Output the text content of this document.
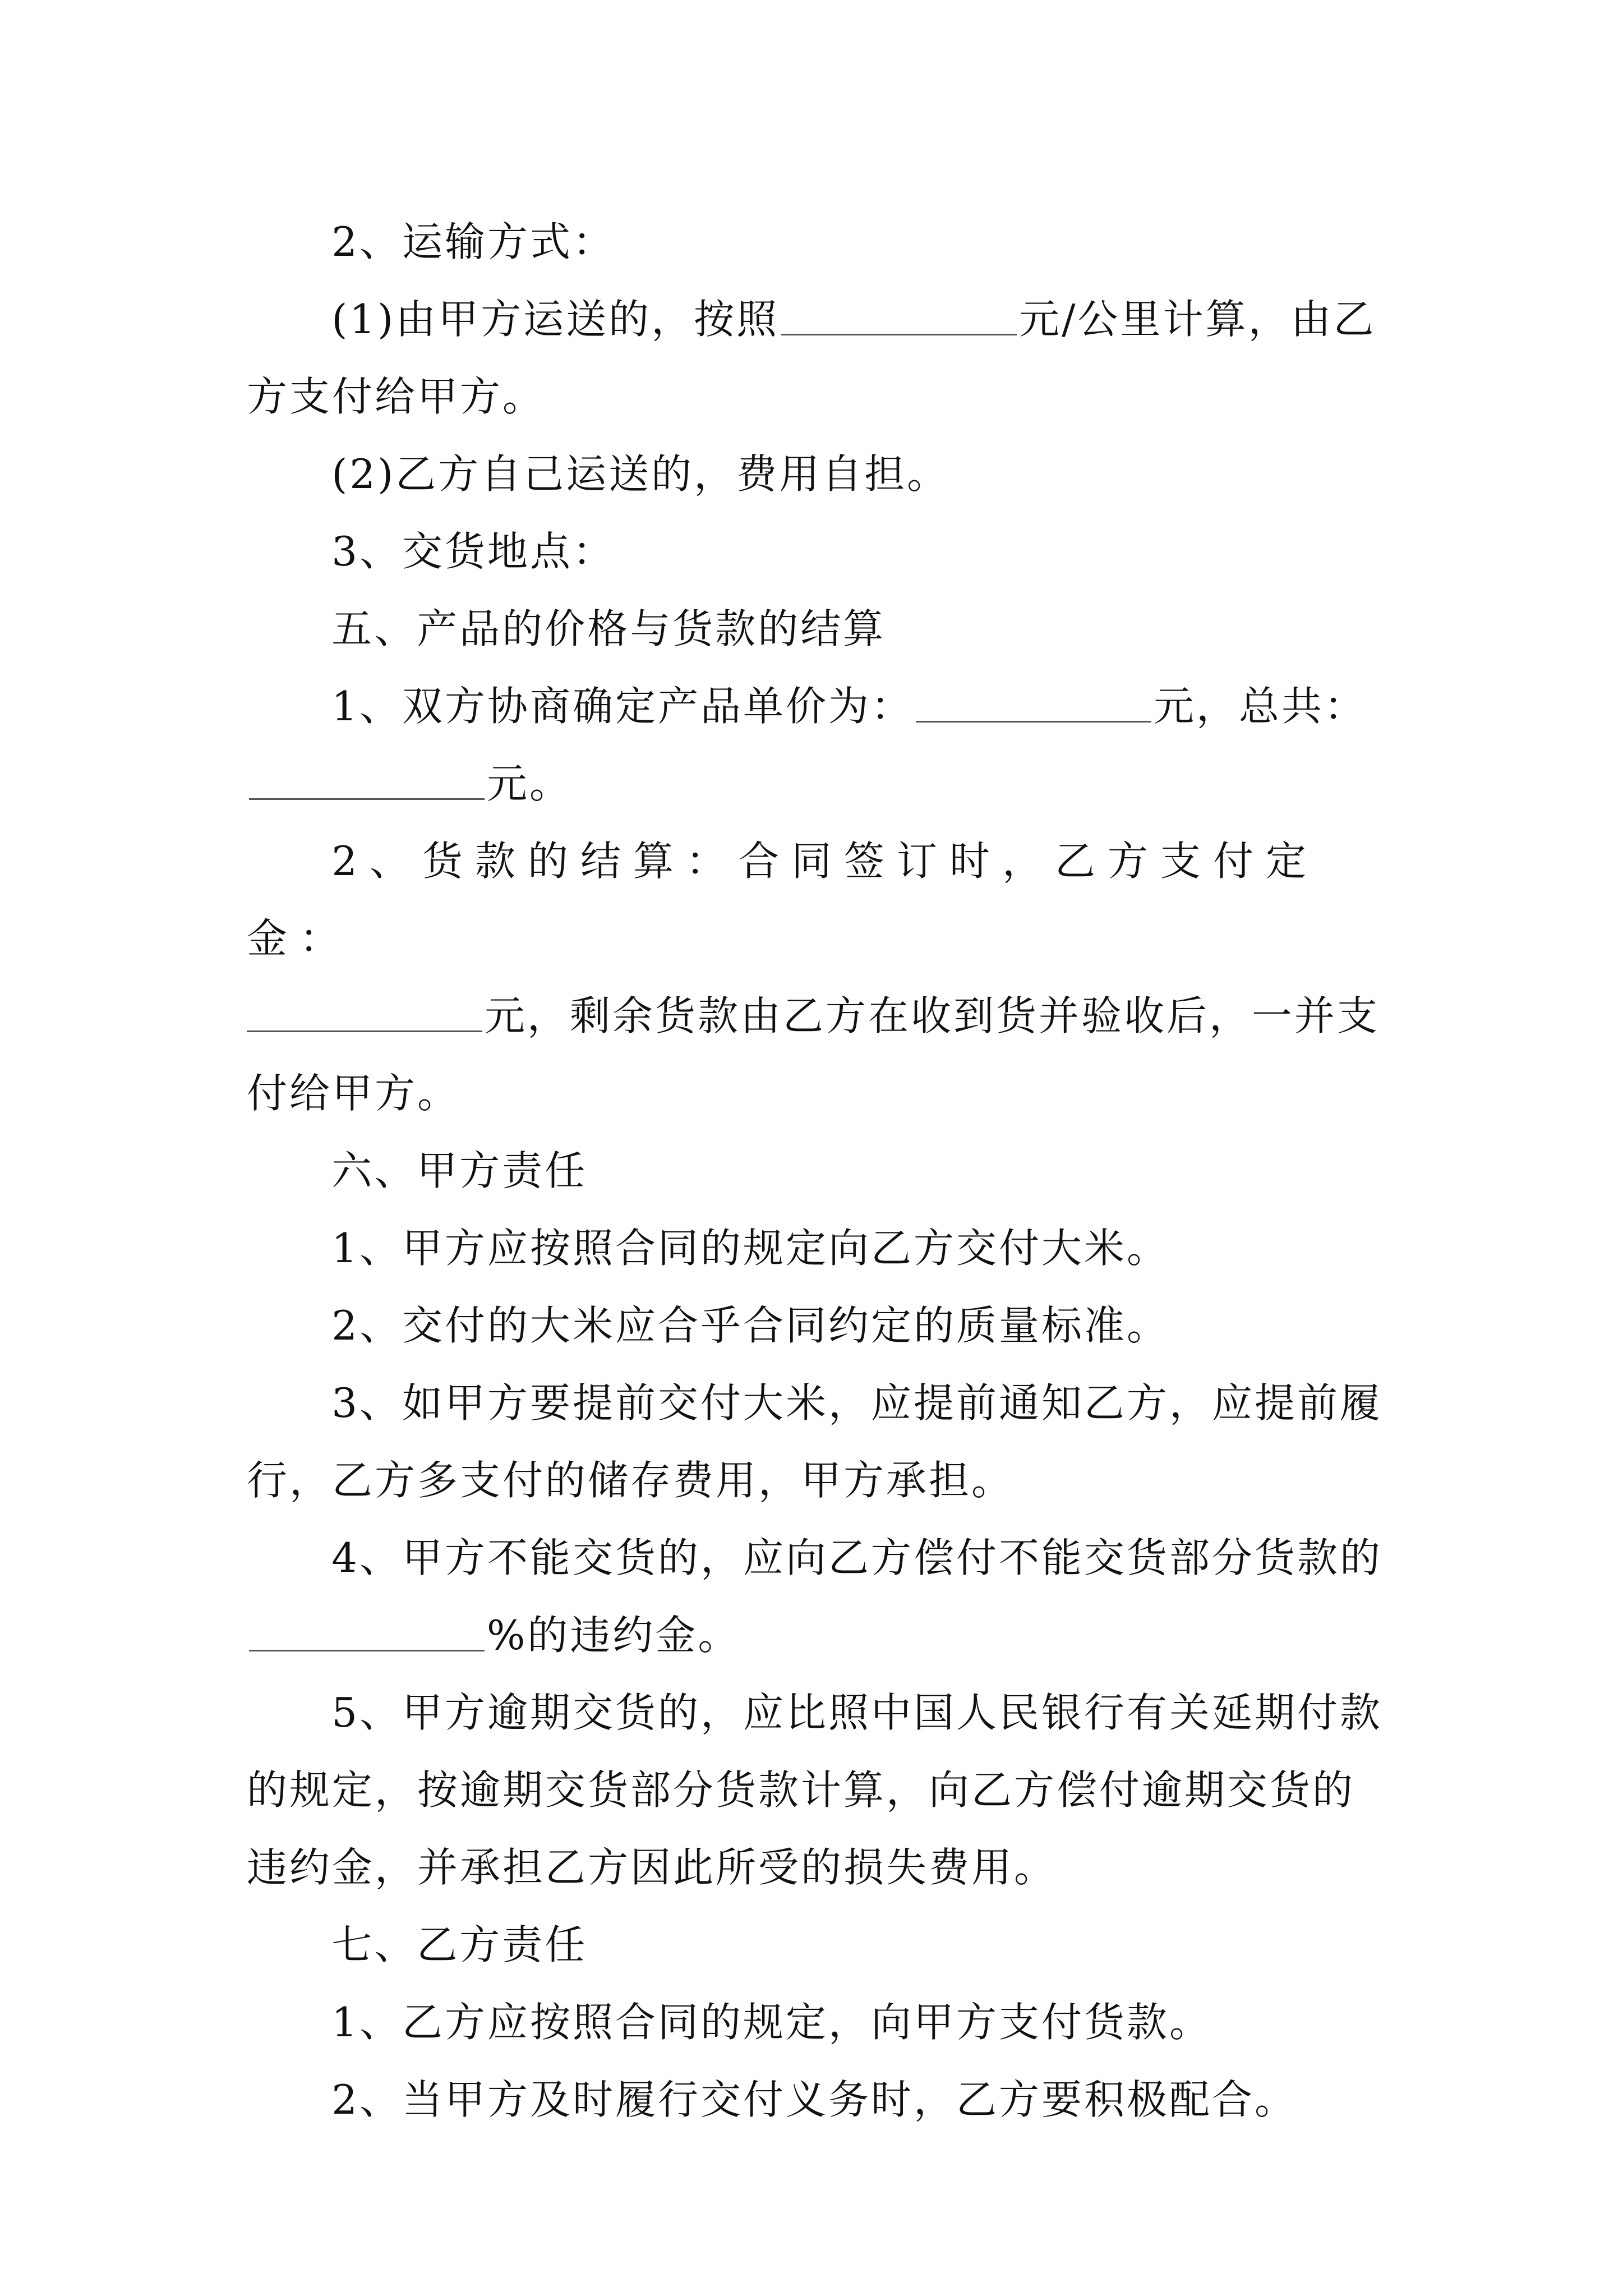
2、运输方式：

(1)由甲方运送的，按照	元/公里计算，由乙方支付给甲方。

(2)乙方自己运送的，费用自担。

3、交货地点：

五、产品的价格与货款的结算

1、双方协商确定产品单价为：	元，总共：元。

2、货款的结算：合同签订时，乙方支付定金：

元，剩余货款由乙方在收到货并验收后，一并支付给甲方。

六、甲方责任

1、甲方应按照合同的规定向乙方交付大米。

2、交付的大米应合乎合同约定的质量标准。

3、如甲方要提前交付大米，应提前通知乙方，应提前履行，乙方多支付的储存费用，甲方承担。

4、甲方不能交货的，应向乙方偿付不能交货部分货款的%的违约金。

5、甲方逾期交货的，应比照中国人民银行有关延期付款的规定，按逾期交货部分货款计算，向乙方偿付逾期交货的违约金，并承担乙方因此所受的损失费用。

七、乙方责任

1、乙方应按照合同的规定，向甲方支付货款。

2、当甲方及时履行交付义务时，乙方要积极配合。
